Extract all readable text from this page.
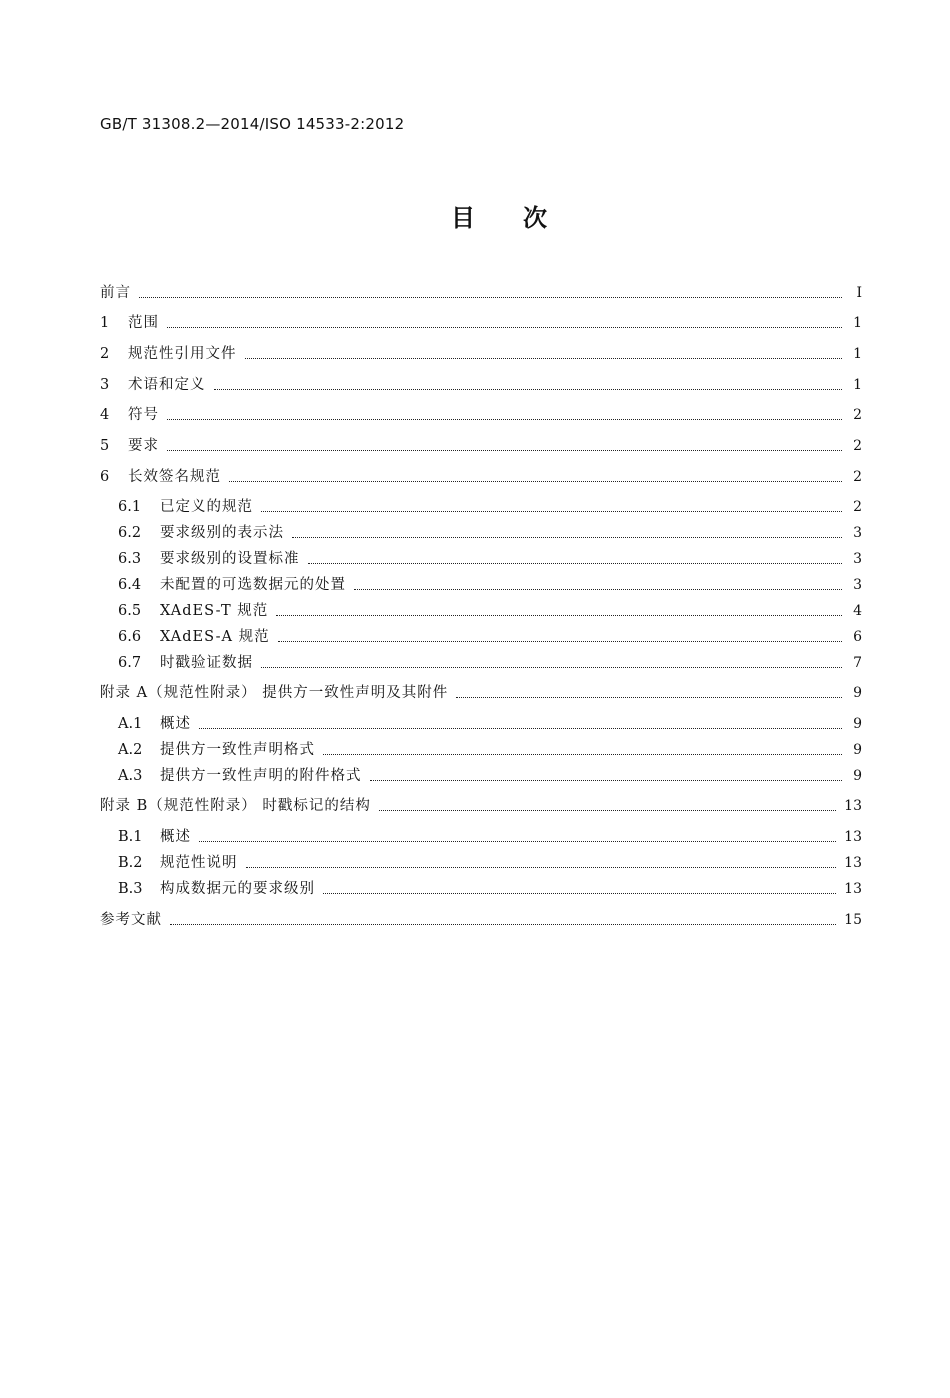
GB/T 31308.2—2014/ISO 14533-2:2012
目次
前言	Ⅰ
1	范围	1
2	规范性引用文件	1
3	术语和定义	1
4	符号	2
5	要求	2
6	长效签名规范	2
6.1	已定义的规范	2
6.2	要求级别的表示法	3
6.3	要求级别的设置标准	3
6.4	未配置的可选数据元的处置	3
6.5	XAdES-T 规范	4
6.6	XAdES-A 规范	6
6.7	时戳验证数据	7
附录 A（规范性附录） 提供方一致性声明及其附件	9
A.1	概述	9
A.2	提供方一致性声明格式	9
A.3	提供方一致性声明的附件格式	9
附录 B（规范性附录） 时戳标记的结构	13
B.1	概述	13
B.2	规范性说明	13
B.3	构成数据元的要求级别	13
参考文献	15
